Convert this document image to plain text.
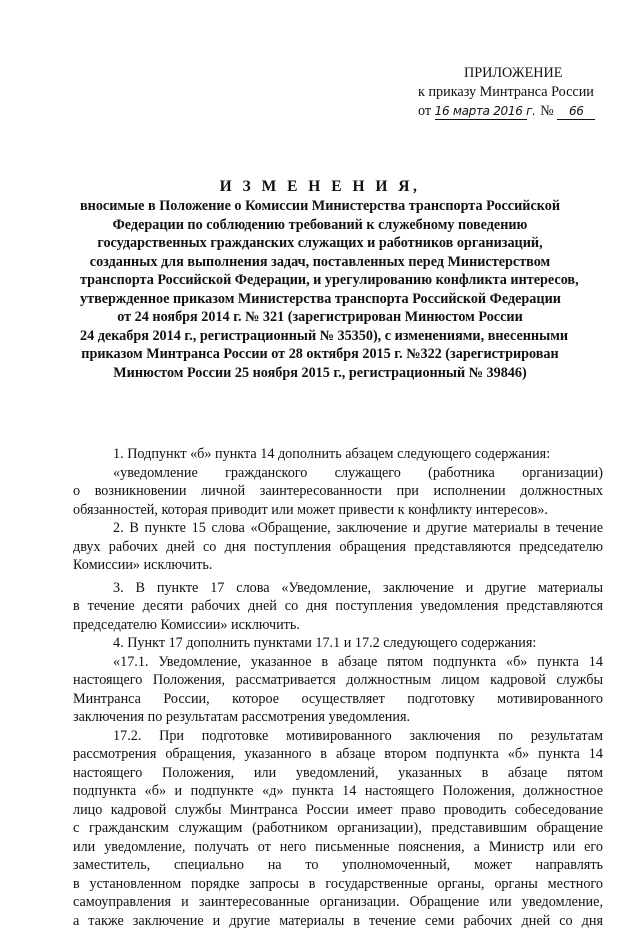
ПРИЛОЖЕНИЕ
к приказу Минтранса России
от 16 марта 2016 г. № 66
И З М Е Н Е Н И Я,
вносимые в Положение о Комиссии Министерства транспорта Российской
Федерации по соблюдению требований к служебному поведению
государственных гражданских служащих и работников организаций,
созданных для выполнения задач, поставленных перед Министерством
транспорта Российской Федерации, и урегулированию конфликта интересов,
утвержденное приказом Министерства транспорта Российской Федерации
от 24 ноября 2014 г. № 321 (зарегистрирован Минюстом России
24 декабря 2014 г., регистрационный № 35350), с изменениями, внесенными
приказом Минтранса России от 28 октября 2015 г. №322 (зарегистрирован
Минюстом России 25 ноября 2015 г., регистрационный № 39846)
1. Подпункт «б» пункта 14 дополнить абзацем следующего содержания:
«уведомление гражданского служащего (работника организации)
о возникновении личной заинтересованности при исполнении должностных
обязанностей, которая приводит или может привести к конфликту интересов».
2. В пункте 15 слова «Обращение, заключение и другие материалы в течение
двух рабочих дней со дня поступления обращения представляются председателю
Комиссии» исключить.
3. В пункте 17 слова «Уведомление, заключение и другие материалы
в течение десяти рабочих дней со дня поступления уведомления представляются
председателю Комиссии» исключить.
4. Пункт 17 дополнить пунктами 17.1 и 17.2 следующего содержания:
«17.1. Уведомление, указанное в абзаце пятом подпункта «б» пункта 14
настоящего Положения, рассматривается должностным лицом кадровой службы
Минтранса России, которое осуществляет подготовку мотивированного
заключения по результатам рассмотрения уведомления.
17.2. При подготовке мотивированного заключения по результатам
рассмотрения обращения, указанного в абзаце втором подпункта «б» пункта 14
настоящего Положения, или уведомлений, указанных в абзаце пятом
подпункта «б» и подпункте «д» пункта 14 настоящего Положения, должностное
лицо кадровой службы Минтранса России имеет право проводить собеседование
с гражданским служащим (работником организации), представившим обращение
или уведомление, получать от него письменные пояснения, а Министр или его
заместитель, специально на то уполномоченный, может направлять
в установленном порядке запросы в государственные органы, органы местного
самоуправления и заинтересованные организации. Обращение или уведомление,
а также заключение и другие материалы в течение семи рабочих дней со дня
